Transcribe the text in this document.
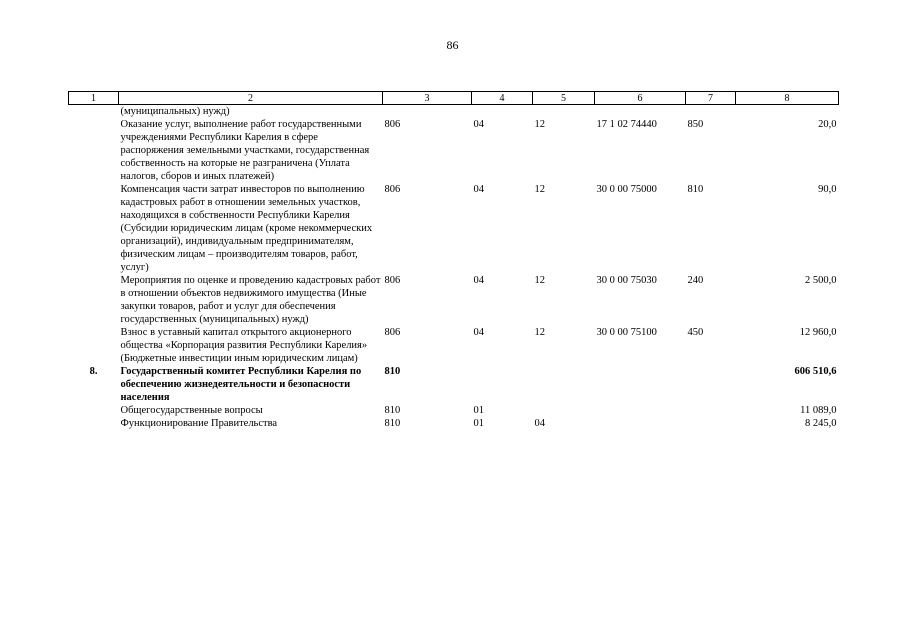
86
1	2	3	4	5	6	7	8
	(муниципальных) нужд)						
	Оказание услуг, выполнение работ государственными учреждениями Республики Карелия в сфере распоряжения земельными участками, государственная собственность на которые не разграничена (Уплата налогов, сборов и иных платежей)	806	04	12	17 1 02 74440	850	20,0
	Компенсация части затрат инвесторов по выполнению кадастровых работ в отношении земельных участков, находящихся в собственности Республики Карелия (Субсидии юридическим лицам (кроме некоммерческих организаций), индивидуальным предпринимателям, физическим лицам – производителям товаров, работ, услуг)	806	04	12	30 0 00 75000	810	90,0
	Мероприятия по оценке и проведению кадастровых работ в отношении объектов недвижимого имущества (Иные закупки товаров, работ и услуг для обеспечения государственных (муниципальных) нужд)	806	04	12	30 0 00 75030	240	2 500,0
	Взнос в уставный капитал открытого акционерного общества «Корпорация развития Республики Карелия» (Бюджетные инвестиции иным юридическим лицам)	806	04	12	30 0 00 75100	450	12 960,0
8.	Государственный комитет Республики Карелия по обеспечению жизнедеятельности и безопасности населения	810					606 510,6
	Общегосударственные вопросы	810	01				11 089,0
	Функционирование Правительства	810	01	04			8 245,0
